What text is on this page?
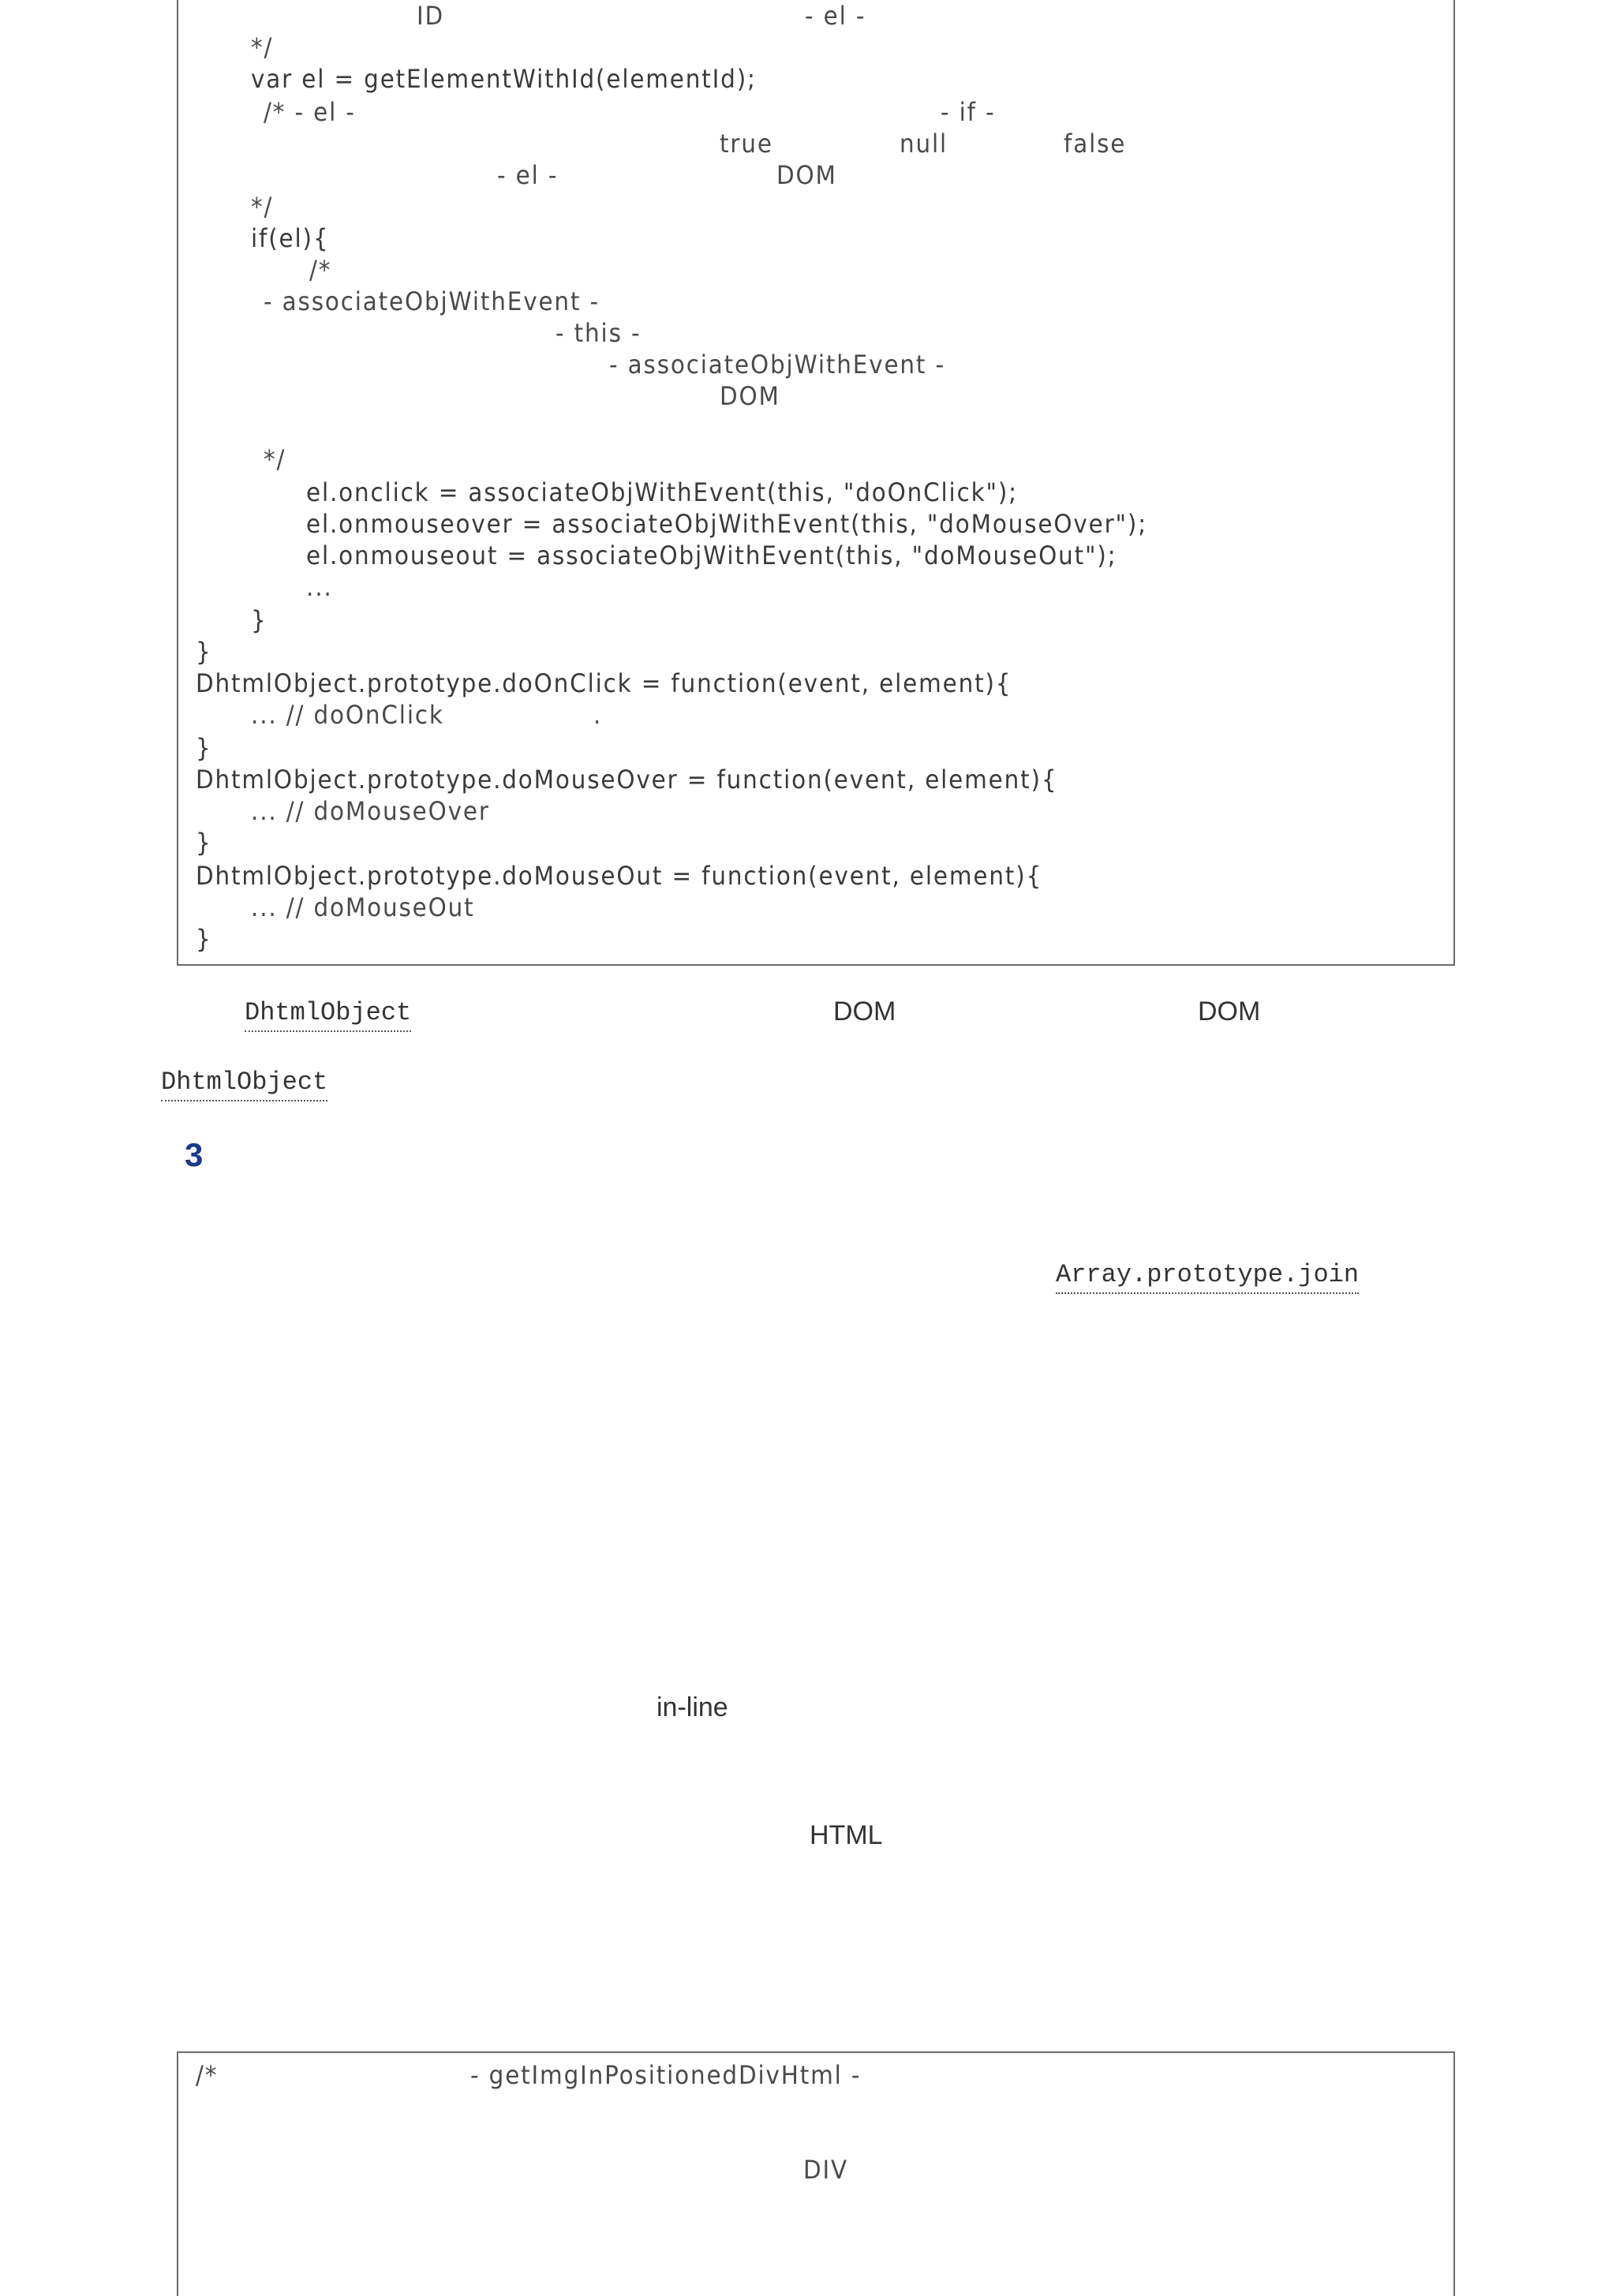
ID	- el -
*/
var el = getElementWithId(elementId);
/* - el -	- if -
true	null	false
- el -	DOM
*/
if(el){
/*
- associateObjWithEvent -
- this -
- associateObjWithEvent -
DOM
*/
el.onclick = associateObjWithEvent(this, "doOnClick");
el.onmouseover = associateObjWithEvent(this, "doMouseOver");
el.onmouseout = associateObjWithEvent(this, "doMouseOut");
...
}
}
DhtmlObject.prototype.doOnClick = function(event, element){
... // doOnClick	.
}
DhtmlObject.prototype.doMouseOver = function(event, element){
... // doMouseOver
}
DhtmlObject.prototype.doMouseOut = function(event, element){
... // doMouseOut
}
DhtmlObject	DOM	DOM
DhtmlObject
3
Array.prototype.join
in-line
HTML
/*	- getImgInPositionedDivHtml -
DIV
